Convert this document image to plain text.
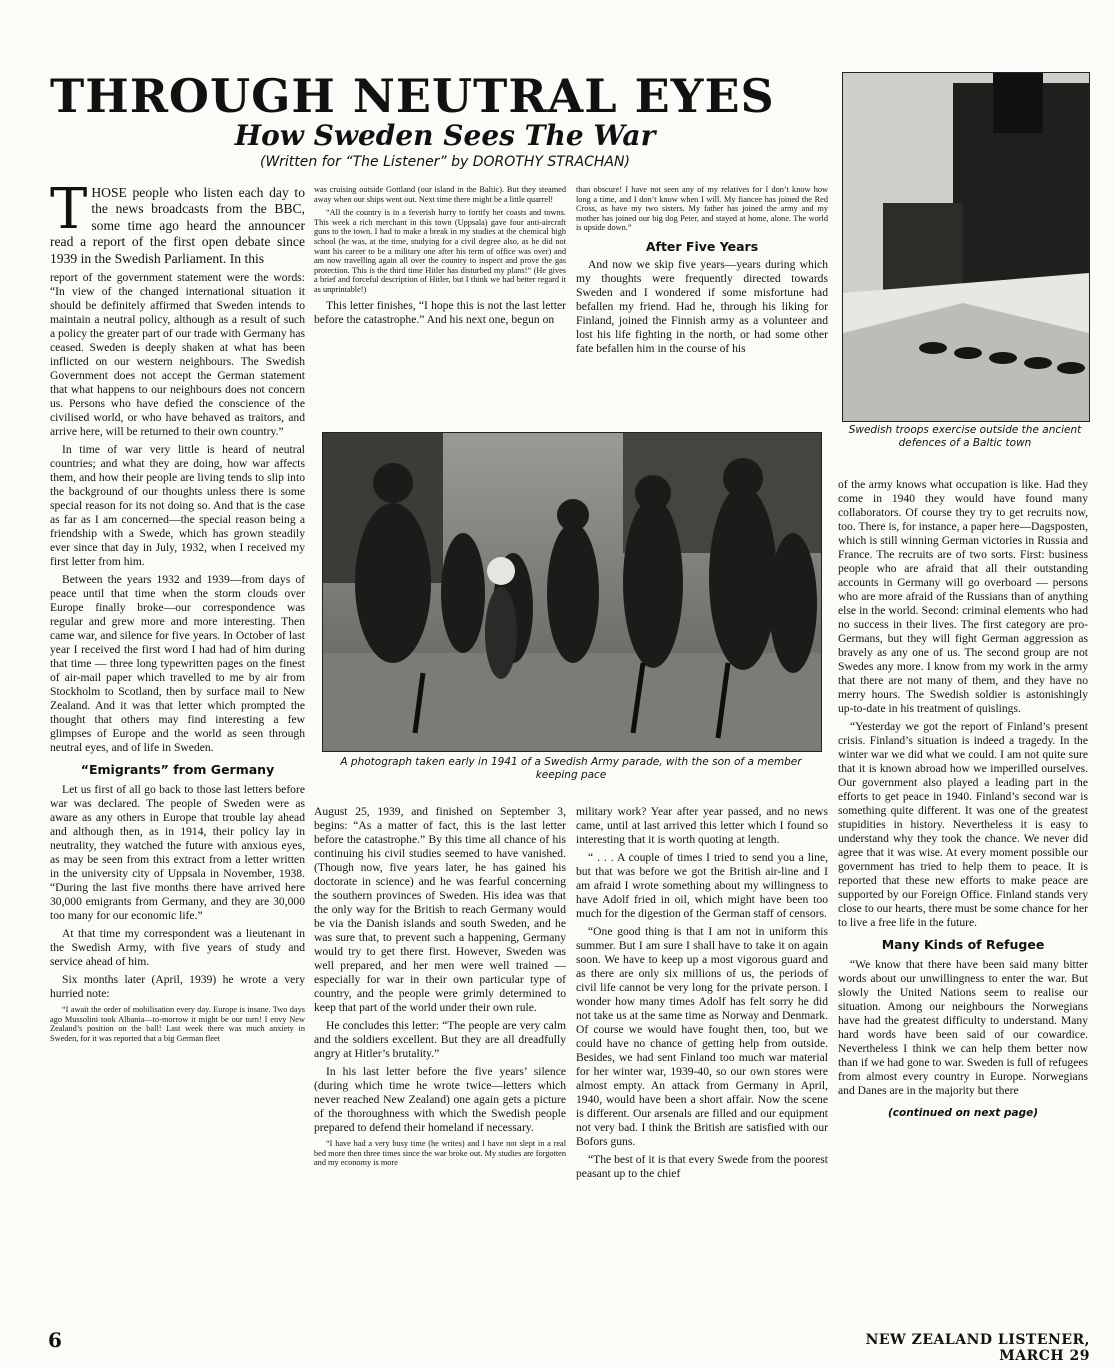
THROUGH NEUTRAL EYES
How Sweden Sees The War

(Written for “The Listener” by DOROTHY STRACHAN)

THOSE people who listen each day to the news broadcasts from the BBC, some time ago heard the announcer read a report of the first open debate since 1939 in the Swedish Parliament. In this

report of the government statement were the words: “In view of the changed international situation it should be definitely affirmed that Sweden intends to maintain a neutral policy, although as a result of such a policy the greater part of our trade with Germany has ceased. Sweden is deeply shaken at what has been inflicted on our western neighbours. The Swedish Government does not accept the German statement that what happens to our neighbours does not concern us. Persons who have defied the conscience of the civilised world, or who have behaved as traitors, and arrive here, will be returned to their own country.”

In time of war very little is heard of neutral countries; and what they are doing, how war affects them, and how their people are living tends to slip into the background of our thoughts unless there is some special reason for its not doing so. And that is the case as far as I am concerned—the special reason being a friendship with a Swede, which has grown steadily ever since that day in July, 1932, when I received my first letter from him.

Between the years 1932 and 1939—from days of peace until that time when the storm clouds over Europe finally broke—our correspondence was regular and grew more and more interesting. Then came war, and silence for five years. In October of last year I received the first word I had had of him during that time — three long typewritten pages on the finest of air-mail paper which travelled to me by air from Stockholm to Scotland, then by surface mail to New Zealand. And it was that letter which prompted the thought that others may find interesting a few glimpses of Europe and the world as seen through neutral eyes, and of life in Sweden.

“Emigrants” from Germany

Let us first of all go back to those last letters before war was declared. The people of Sweden were as aware as any others in Europe that trouble lay ahead and although then, as in 1914, their policy lay in neutrality, they watched the future with anxious eyes, as may be seen from this extract from a letter written in the university city of Uppsala in November, 1938. “During the last five months there have arrived here 30,000 emigrants from Germany, and they are 30,000 too many for our economic life.”

At that time my correspondent was a lieutenant in the Swedish Army, with five years of study and service ahead of him.

Six months later (April, 1939) he wrote a very hurried note:

“I await the order of mobilisation every day. Europe is insane. Two days ago Mussolini took Albania—to-morrow it might be our turn! I envy New Zealand’s position on the ball! Last week there was much anxiety in Sweden, for it was reported that a big German fleet

was cruising outside Gottland (our island in the Baltic). But they steamed away when our ships went out. Next time there might be a little quarrel!

“All the country is in a feverish hurry to fortify her coasts and towns. This week a rich merchant in this town (Uppsala) gave four anti-aircraft guns to the town. I had to make a break in my studies at the chemical high school (he was, at the time, studying for a civil degree also, as he did not want his career to be a military one after his term of office was over) and am now travelling again all over the country to inspect and prove the gas protection. This is the third time Hitler has disturbed my plans!” (He gives a brief and forceful description of Hitler, but I think we had better regard it as unprintable!)

This letter finishes, “I hope this is not the last letter before the catastrophe.” And his next one, begun on

than obscure! I have not seen any of my relatives for I don’t know how long a time, and I don’t know when I will. My fiancee has joined the Red Cross, as have my two sisters. My father has joined the army and my mother has joined our big dog Peter, and stayed at home, alone. The world is upside down.”

After Five Years

And now we skip five years—years during which my thoughts were frequently directed towards Sweden and I wondered if some misfortune had befallen my friend. Had he, through his liking for Finland, joined the Finnish army as a volunteer and lost his life fighting in the north, or had some other fate befallen him in the course of his

A photograph taken early in 1941 of a Swedish Army parade, with the son of a member keeping pace
Swedish troops exercise outside the ancient defences of a Baltic town

August 25, 1939, and finished on September 3, begins: “As a matter of fact, this is the last letter before the catastrophe.” By this time all chance of his continuing his civil studies seemed to have vanished. (Though now, five years later, he has gained his doctorate in science) and he was fearful concerning the southern provinces of Sweden. His idea was that the only way for the British to reach Germany would be via the Danish islands and south Sweden, and he was sure that, to prevent such a happening, Germany would try to get there first. However, Sweden was well prepared, and her men were well trained —especially for war in their own particular type of country, and the people were grimly determined to keep that part of the world under their own rule.

He concludes this letter: “The people are very calm and the soldiers excellent. But they are all dreadfully angry at Hitler’s brutality.”

In his last letter before the five years’ silence (during which time he wrote twice—letters which never reached New Zealand) one again gets a picture of the thoroughness with which the Swedish people prepared to defend their homeland if necessary.

“I have had a very busy time (he writes) and I have not slept in a real bed more then three times since the war broke out. My studies are forgotten and my economy is more

military work? Year after year passed, and no news came, until at last arrived this letter which I found so interesting that it is worth quoting at length.

“ . . . A couple of times I tried to send you a line, but that was before we got the British air-line and I am afraid I wrote something about my willingness to have Adolf fried in oil, which might have been too much for the digestion of the German staff of censors.

“One good thing is that I am not in uniform this summer. But I am sure I shall have to take it on again soon. We have to keep up a most vigorous guard and as there are only six millions of us, the periods of civil life cannot be very long for the private person. I wonder how many times Adolf has felt sorry he did not take us at the same time as Norway and Denmark. Of course we would have fought then, too, but we could have no chance of getting help from outside. Besides, we had sent Finland too much war material for her winter war, 1939-40, so our own stores were almost empty. An attack from Germany in April, 1940, would have been a short affair. Now the scene is different. Our arsenals are filled and our equipment not very bad. I think the British are satisfied with our Bofors guns.

“The best of it is that every Swede from the poorest peasant up to the chief

of the army knows what occupation is like. Had they come in 1940 they would have found many collaborators. Of course they try to get recruits now, too. There is, for instance, a paper here—Dagsposten, which is still winning German victories in Russia and France. The recruits are of two sorts. First: business people who are afraid that all their outstanding accounts in Germany will go overboard — persons who are more afraid of the Russians than of anything else in the world. Second: criminal elements who had no success in their lives. The first category are pro-Germans, but they will fight German aggression as bravely as any one of us. The second group are not Swedes any more. I know from my work in the army that there are not many of them, and they have no merry hours. The Swedish soldier is astonishingly up-to-date in his treatment of quislings.

“Yesterday we got the report of Finland’s present crisis. Finland’s situation is indeed a tragedy. In the winter war we did what we could. I am not quite sure that it is known abroad how we imperilled ourselves. Our government also played a leading part in the efforts to get peace in 1940. Finland’s second war is something quite different. It was one of the greatest stupidities in history. Nevertheless it is easy to understand why they took the chance. We never did agree that it was wise. At every moment possible our government has tried to help them to peace. It is reported that these new efforts to make peace are supported by our Foreign Office. Finland stands very close to our hearts, there must be some chance for her to live a free life in the future.

Many Kinds of Refugee

“We know that there have been said many bitter words about our unwillingness to enter the war. But slowly the United Nations seem to realise our situation. Among our neighbours the Norwegians have had the greatest difficulty to understand. Many hard words have been said of our cowardice. Nevertheless I think we can help them better now than if we had gone to war. Sweden is full of refugees from almost every country in Europe. Norwegians and Danes are in the majority but there

(continued on next page)
6	NEW ZEALAND LISTENER, MARCH 29
